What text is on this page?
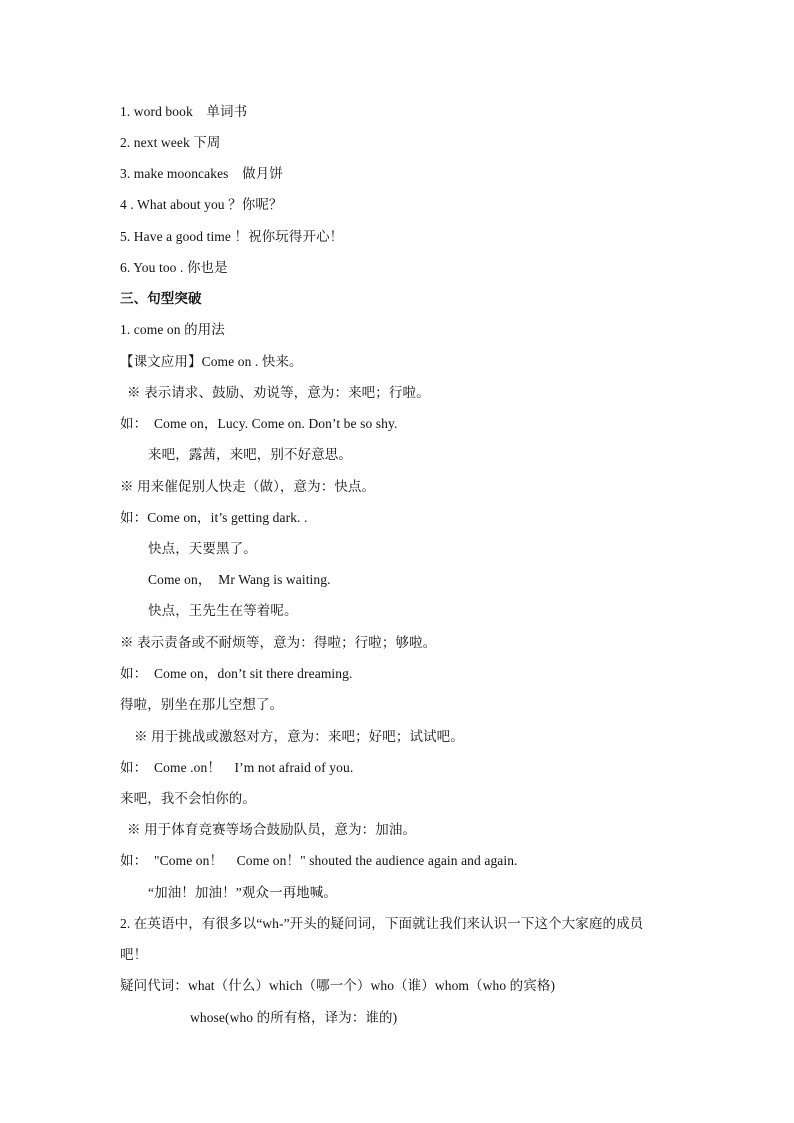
1. word book　单词书
2. next week 下周
3. make mooncakes　做月饼
4 . What about you ？你呢？
5. Have a good time ！祝你玩得开心！
6. You too . 你也是
三、句型突破
1. come on 的用法
【课文应用】Come on . 快来。
※ 表示请求、鼓励、劝说等，意为：来吧；行啦。
如：　Come on，Lucy. Come on. Don’t be so shy.
来吧，露茜，来吧，别不好意思。
※ 用来催促别人快走（做），意为：快点。
如：Come on，it’s getting dark. .
快点，天要黑了。
Come on，　Mr Wang is waiting.
快点，王先生在等着呢。
※ 表示责备或不耐烦等，意为：得啦；行啦；够啦。
如：　Come on，don’t sit there dreaming.
得啦，别坐在那儿空想了。
※ 用于挑战或激怒对方，意为：来吧；好吧；试试吧。
如：　Come .on！　I’m not afraid of you.
来吧，我不会怕你的。
※ 用于体育竞赛等场合鼓励队员，意为：加油。
如：　"Come on！　Come on！" shouted the audience again and again.
“加油！加油！”观众一再地喊。
2. 在英语中，有很多以“wh-”开头的疑问词，下面就让我们来认识一下这个大家庭的成员
吧！
疑问代词：what（什么）which（哪一个）who（谁）whom（who 的宾格)
whose(who 的所有格，译为：谁的)
